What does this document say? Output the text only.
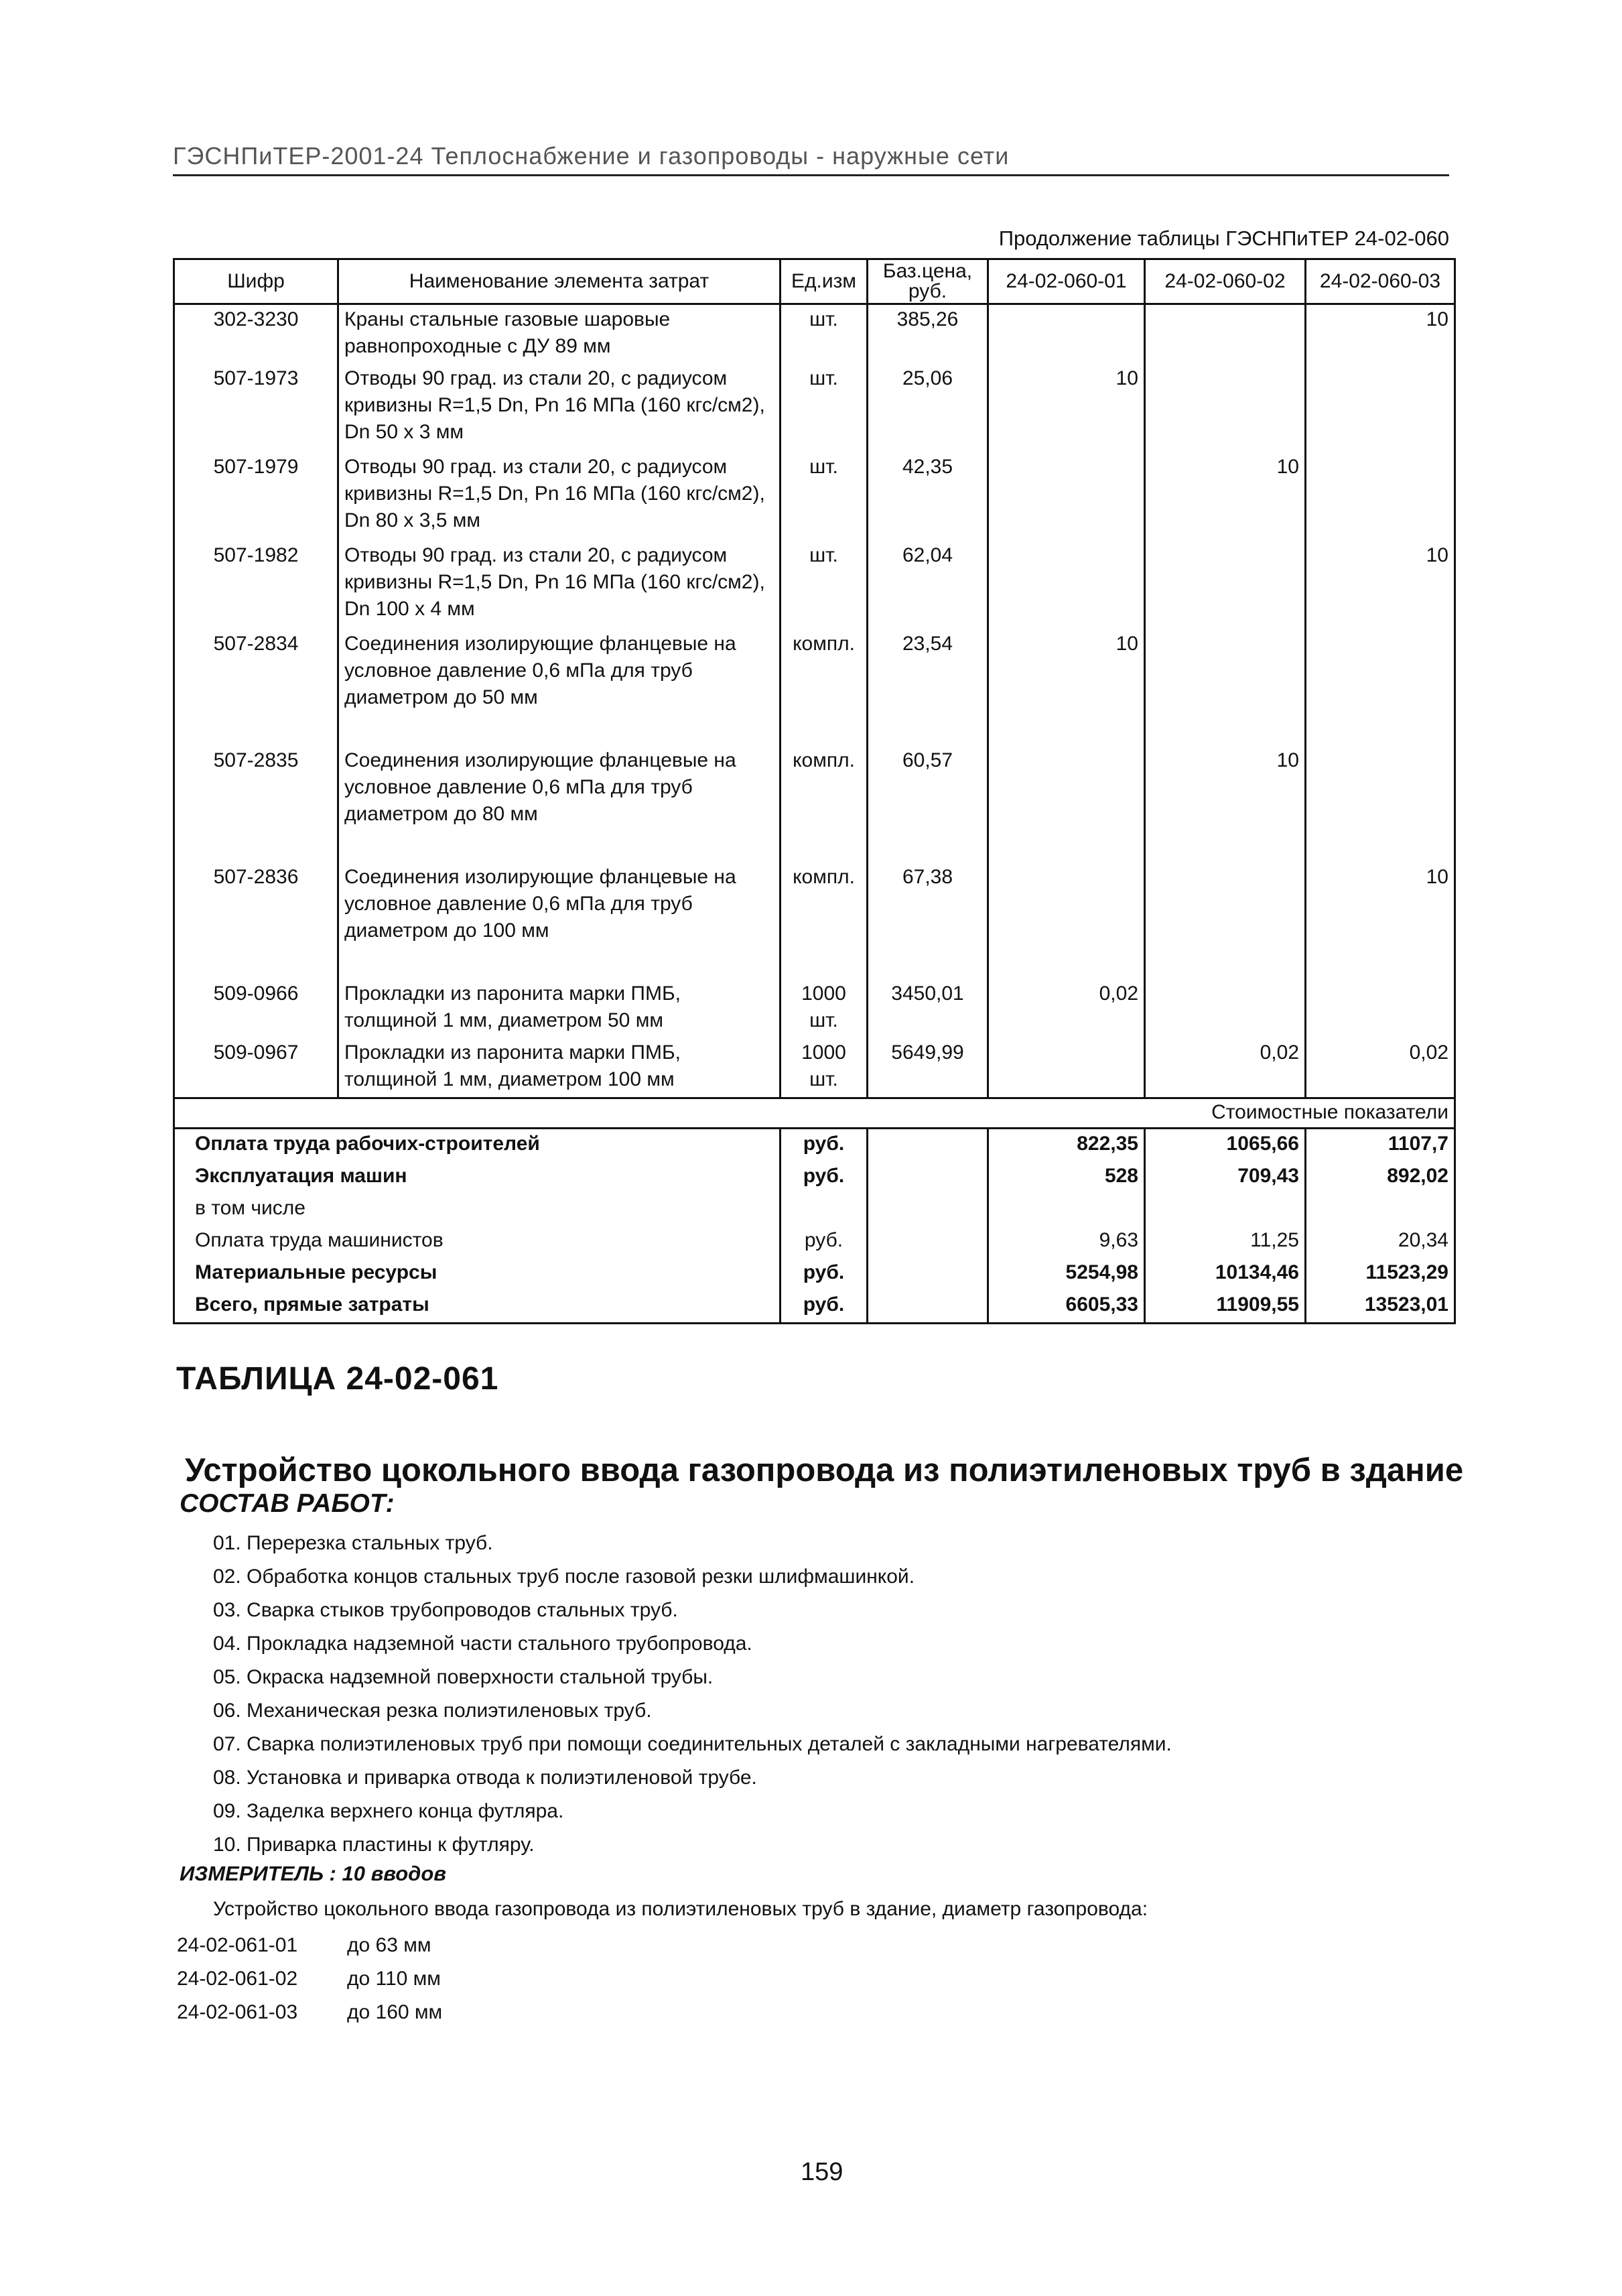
ГЭСНПиТЕР-2001-24 Теплоснабжение и газопроводы - наружные сети
Продолжение таблицы ГЭСНПиТЕР 24-02-060
Шифр	Наименование элемента затрат	Ед.изм	Баз.цена, руб.	24-02-060-01	24-02-060-02	24-02-060-03
302-3230	Краны стальные газовые шаровые равнопроходные с ДУ 89 мм	шт.	385,26			10
507-1973	Отводы 90 град. из стали 20, с радиусом кривизны R=1,5 Dn, Pn 16 МПа (160 кгс/см2), Dn 50 x 3 мм	шт.	25,06	10		
507-1979	Отводы 90 град. из стали 20, с радиусом кривизны R=1,5 Dn, Pn 16 МПа (160 кгс/см2), Dn 80 x 3,5 мм	шт.	42,35		10	
507-1982	Отводы 90 град. из стали 20, с радиусом кривизны R=1,5 Dn, Pn 16 МПа (160 кгс/см2), Dn 100 x 4 мм	шт.	62,04			10
507-2834	Соединения изолирующие фланцевые на условное давление 0,6 мПа для труб диаметром до 50 мм	компл.	23,54	10		
507-2835	Соединения изолирующие фланцевые на условное давление 0,6 мПа для труб диаметром до 80 мм	компл.	60,57		10	
507-2836	Соединения изолирующие фланцевые на условное давление 0,6 мПа для труб диаметром до 100 мм	компл.	67,38			10
509-0966	Прокладки из паронита марки ПМБ, толщиной 1 мм, диаметром 50 мм	1000 шт.	3450,01	0,02		
509-0967	Прокладки из паронита марки ПМБ, толщиной 1 мм, диаметром 100 мм	1000 шт.	5649,99		0,02	0,02
Стоимостные показатели						
Оплата труда рабочих-строителей		руб.		822,35	1065,66	1107,7
Эксплуатация машин		руб.		528	709,43	892,02
в том числе						
Оплата труда машинистов		руб.		9,63	11,25	20,34
Материальные ресурсы		руб.		5254,98	10134,46	11523,29
Всего, прямые затраты		руб.		6605,33	11909,55	13523,01
ТАБЛИЦА 24-02-061
Устройство цокольного ввода газопровода из полиэтиленовых труб в здание
СОСТАВ РАБОТ:
01. Перерезка стальных труб.
02. Обработка концов стальных труб после газовой резки шлифмашинкой.
03. Сварка стыков трубопроводов стальных труб.
04. Прокладка надземной части стального трубопровода.
05. Окраска надземной поверхности стальной трубы.
06. Механическая резка полиэтиленовых труб.
07. Сварка полиэтиленовых труб при помощи соединительных деталей с закладными нагревателями.
08. Установка и приварка отвода к полиэтиленовой трубе.
09. Заделка верхнего конца футляра.
10. Приварка пластины к футляру.
ИЗМЕРИТЕЛЬ : 10 вводов
Устройство цокольного ввода газопровода из полиэтиленовых труб в здание, диаметр газопровода:
24-02-061-01	до 63 мм
24-02-061-02	до 110 мм
24-02-061-03	до 160 мм
159
